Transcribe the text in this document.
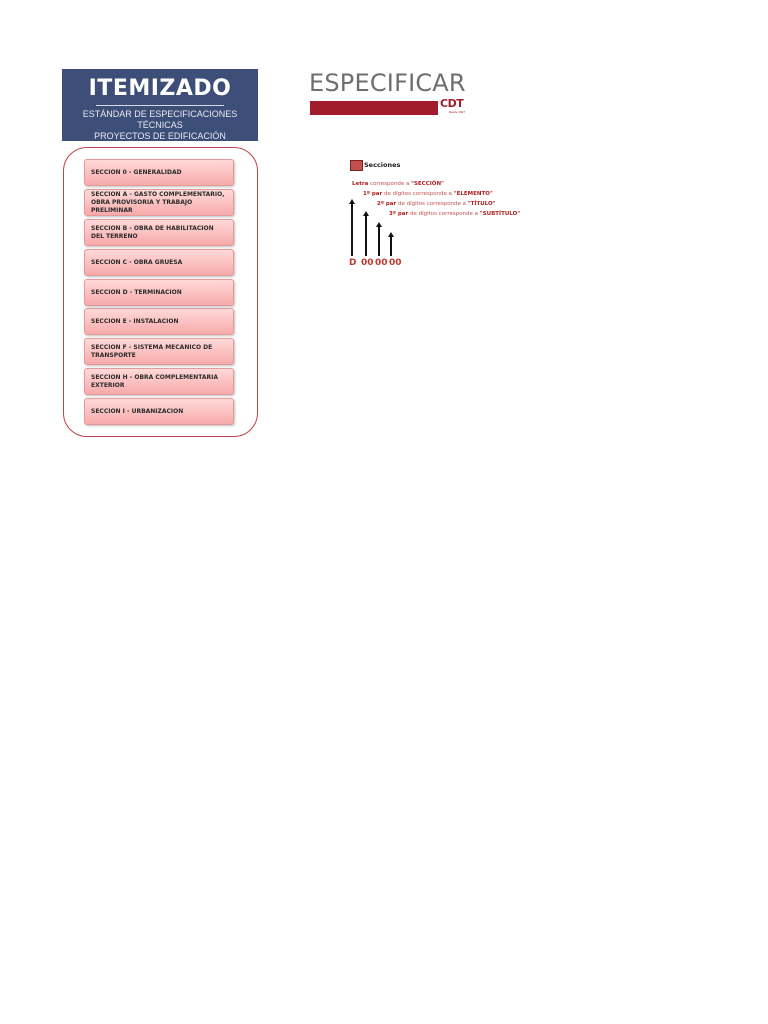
ITEMIZADO
ESTÁNDAR DE ESPECIFICACIONES TÉCNICAS
PROYECTOS DE EDIFICACIÓN
ESPECIFICAR
CDT
Desde 1927
SECCION 0 - GENERALIDAD
SECCION A - GASTO COMPLEMENTARIO, OBRA PROVISORIA Y TRABAJO PRELIMINAR
SECCION B - OBRA DE HABILITACION DEL TERRENO
SECCION C - OBRA GRUESA
SECCION D - TERMINACION
SECCION E - INSTALACION
SECCION F - SISTEMA MECANICO DE TRANSPORTE
SECCION H - OBRA COMPLEMENTARIA EXTERIOR
SECCION I - URBANIZACION
Secciones
Letra corresponde a "SECCIÓN"
1º par de dígitos corresponde a "ELEMENTO"
2º par de dígitos corresponde a "TÍTULO"
3º par de dígitos corresponde a "SUBTÍTULO"
D 00 00 00
